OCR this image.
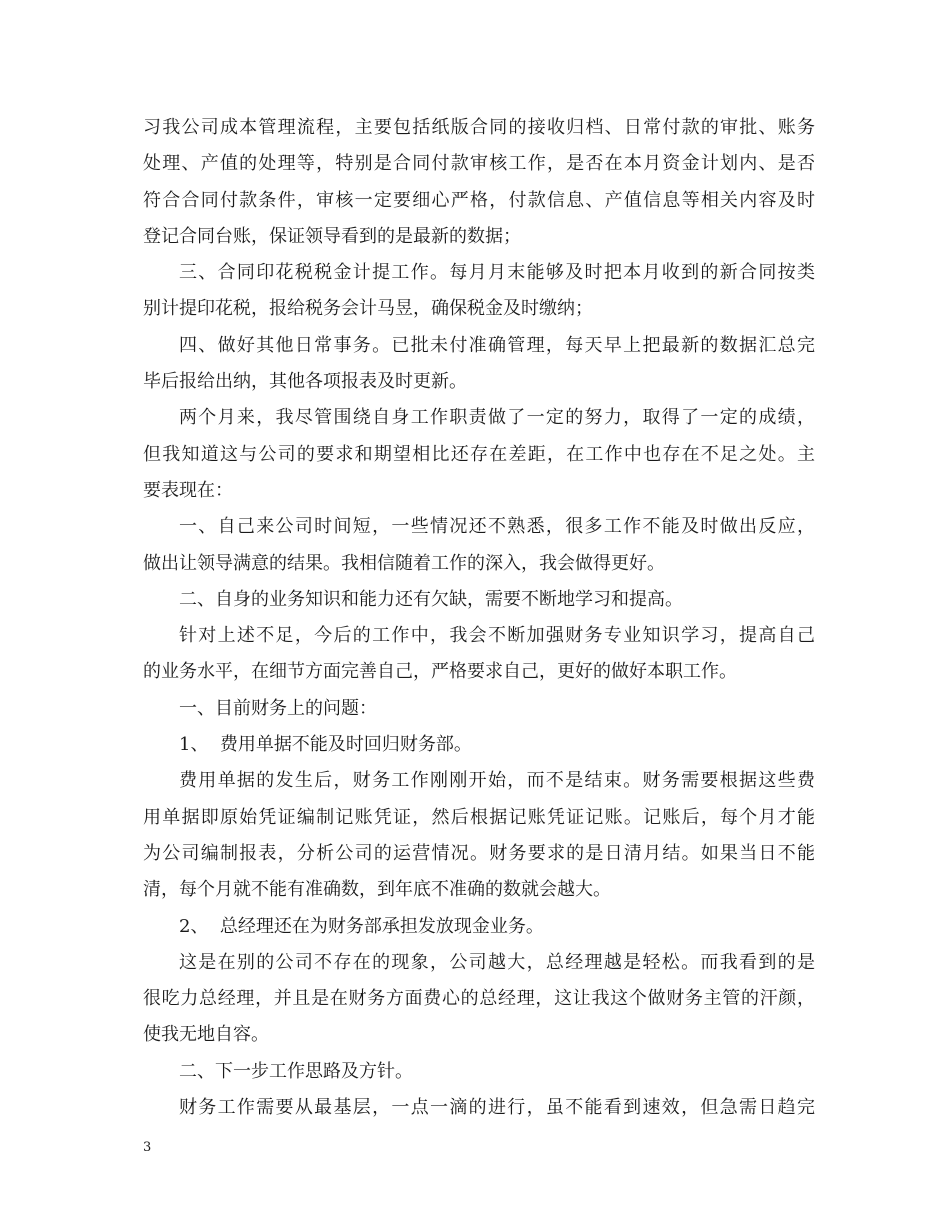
习我公司成本管理流程，主要包括纸版合同的接收归档、日常付款的审批、账务
处理、产值的处理等，特别是合同付款审核工作，是否在本月资金计划内、是否
符合合同付款条件，审核一定要细心严格，付款信息、产值信息等相关内容及时
登记合同台账，保证领导看到的是最新的数据；
三、合同印花税税金计提工作。每月月末能够及时把本月收到的新合同按类
别计提印花税，报给税务会计马昱，确保税金及时缴纳；
四、做好其他日常事务。已批未付准确管理，每天早上把最新的数据汇总完
毕后报给出纳，其他各项报表及时更新。
两个月来，我尽管围绕自身工作职责做了一定的努力，取得了一定的成绩，
但我知道这与公司的要求和期望相比还存在差距，在工作中也存在不足之处。主
要表现在：
一、自己来公司时间短，一些情况还不熟悉，很多工作不能及时做出反应，
做出让领导满意的结果。我相信随着工作的深入，我会做得更好。
二、自身的业务知识和能力还有欠缺，需要不断地学习和提高。
针对上述不足，今后的工作中，我会不断加强财务专业知识学习，提高自己
的业务水平，在细节方面完善自己，严格要求自己，更好的做好本职工作。
一、目前财务上的问题：
1、  费用单据不能及时回归财务部。
费用单据的发生后，财务工作刚刚开始，而不是结束。财务需要根据这些费
用单据即原始凭证编制记账凭证，然后根据记账凭证记账。记账后，每个月才能
为公司编制报表，分析公司的运营情况。财务要求的是日清月结。如果当日不能
清，每个月就不能有准确数，到年底不准确的数就会越大。
2、  总经理还在为财务部承担发放现金业务。
这是在别的公司不存在的现象，公司越大，总经理越是轻松。而我看到的是
很吃力总经理，并且是在财务方面费心的总经理，这让我这个做财务主管的汗颜，
使我无地自容。
二、下一步工作思路及方针。
财务工作需要从最基层，一点一滴的进行，虽不能看到速效，但急需日趋完
3
